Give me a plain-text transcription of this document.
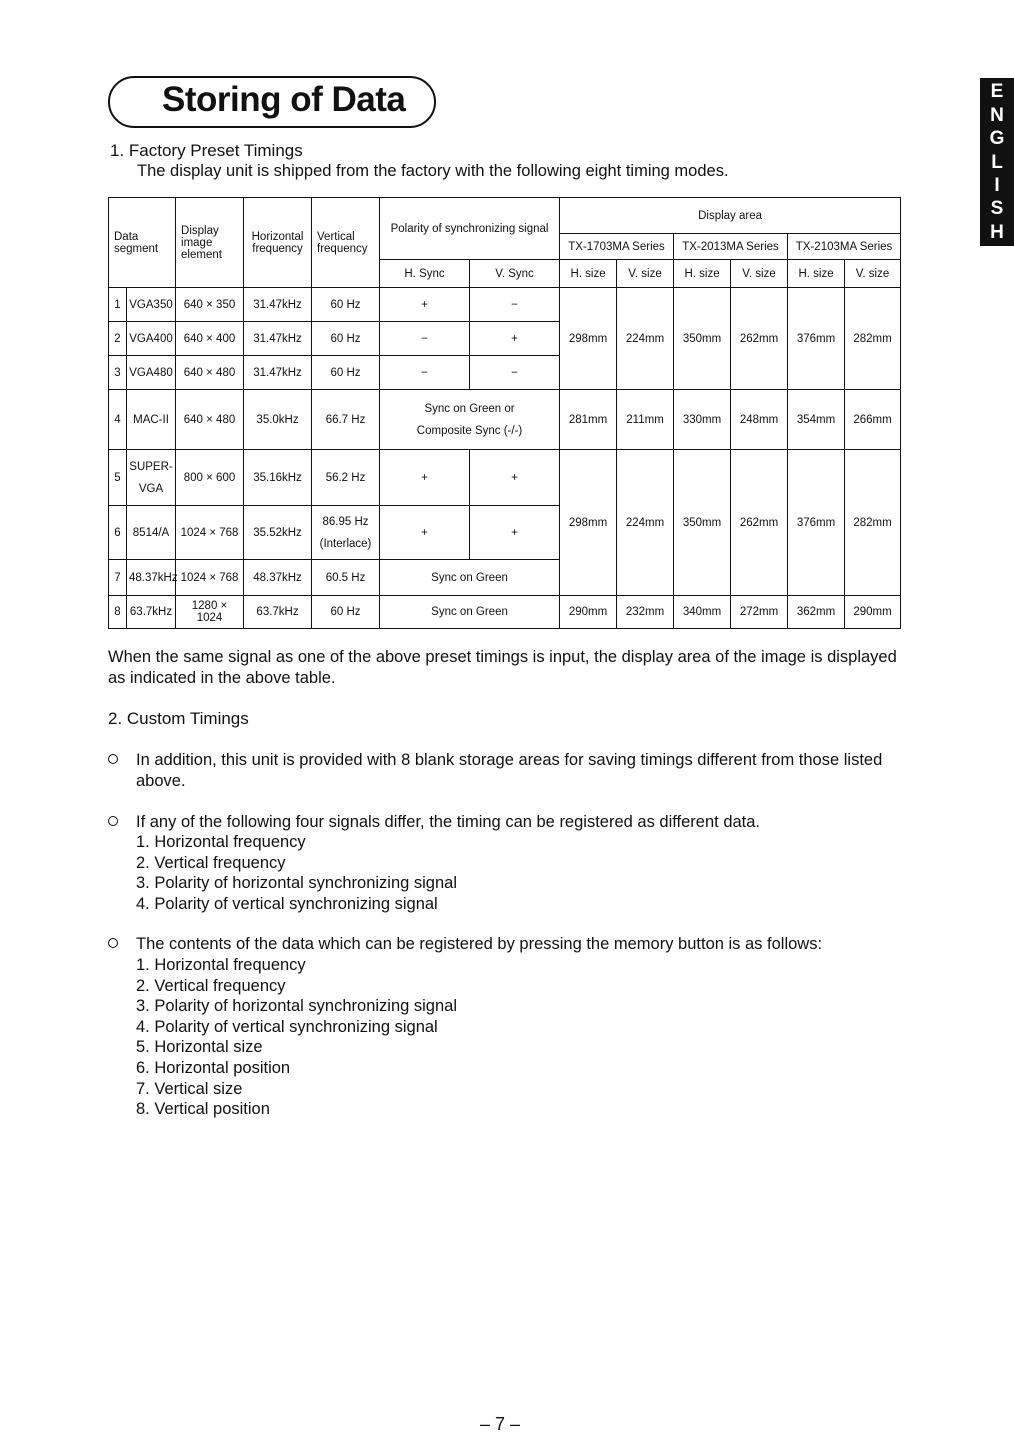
E
N
G
L
I
S
H
Storing of Data
1. Factory Preset Timings
The display unit is shipped from the factory with the following eight timing modes.
Data segment		Display image element	Horizontal frequency	Vertical frequency	Polarity of synchronizing signal		Display area					
							TX-1703MA Series		TX-2013MA Series		TX-2103MA Series	
					H. Sync	V. Sync	H. size	V. size	H. size	V. size	H. size	V. size
1	VGA350	640 × 350	31.47kHz	60 Hz	+	−	298mm	224mm	350mm	262mm	376mm	282mm
2	VGA400	640 × 400	31.47kHz	60 Hz	−	+						
3	VGA480	640 × 480	31.47kHz	60 Hz	−	−						
4	MAC-II	640 × 480	35.0kHz	66.7 Hz	Sync on Green or Composite Sync (-/-)		281mm	211mm	330mm	248mm	354mm	266mm
5	SUPER-VGA	800 × 600	35.16kHz	56.2 Hz	+	+	298mm	224mm	350mm	262mm	376mm	282mm
6	8514/A	1024 × 768	35.52kHz	86.95 Hz (Interlace)	+	+						
7	48.37kHz	1024 × 768	48.37kHz	60.5 Hz	Sync on Green							
8	63.7kHz	1280 × 1024	63.7kHz	60 Hz	Sync on Green		290mm	232mm	340mm	272mm	362mm	290mm
When the same signal as one of the above preset timings is input, the display area of the image is displayed as indicated in the above table.
2. Custom Timings
In addition, this unit is provided with 8 blank storage areas for saving timings different from those listed above.
If any of the following four signals differ, the timing can be registered as different data.
1. Horizontal frequency
2. Vertical frequency
3. Polarity of horizontal synchronizing signal
4. Polarity of vertical synchronizing signal
The contents of the data which can be registered by pressing the memory button is as follows:
1. Horizontal frequency
2. Vertical frequency
3. Polarity of horizontal synchronizing signal
4. Polarity of vertical synchronizing signal
5. Horizontal size
6. Horizontal position
7. Vertical size
8. Vertical position
– 7 –
